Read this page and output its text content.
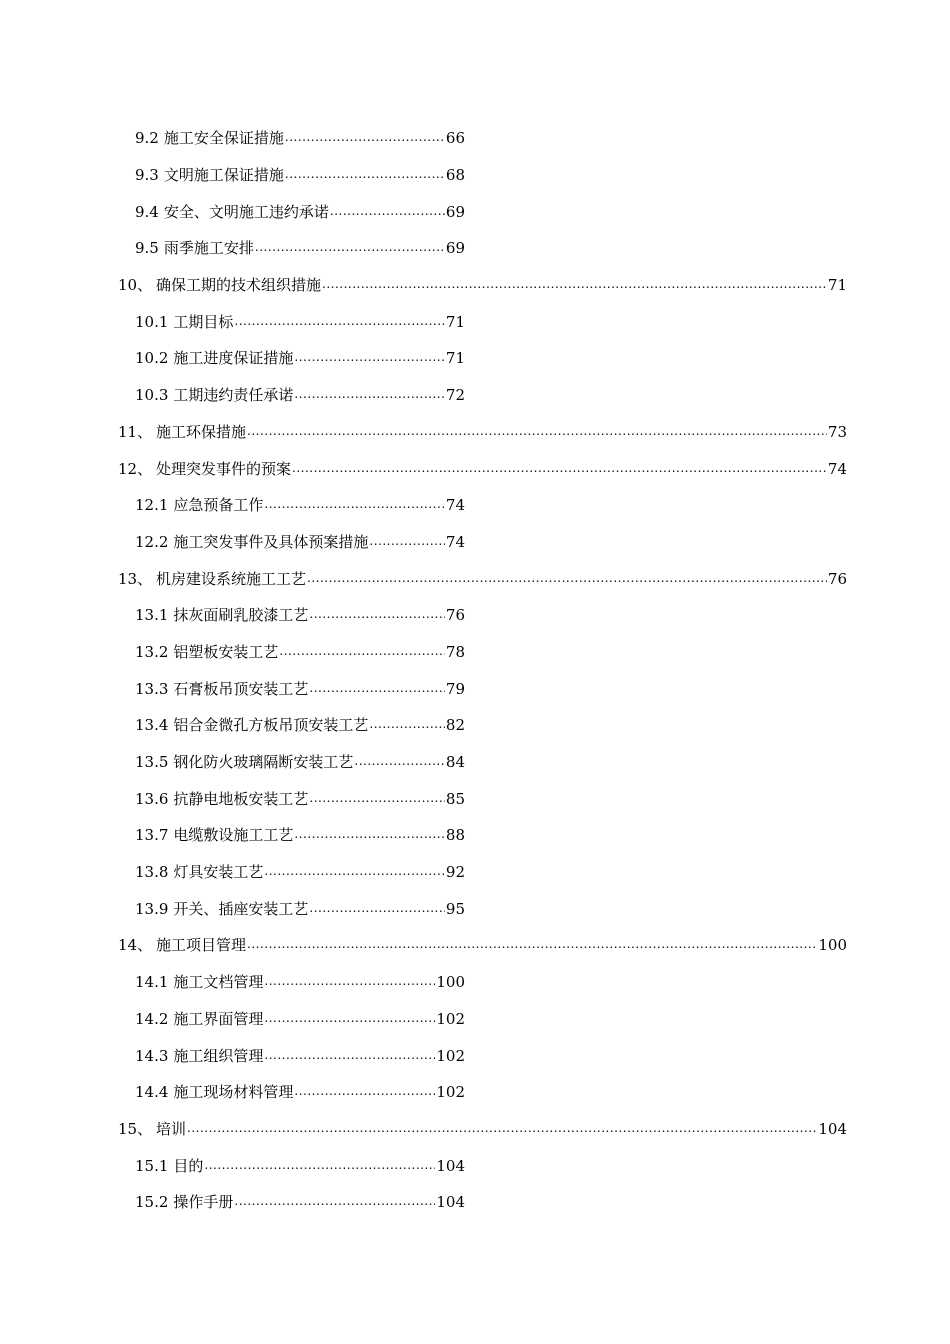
9.2 施工安全保证措施 .....	66
9.3 文明施工保证措施 .....	68
9.4 安全、文明施工违约承诺 .....	69
9.5 雨季施工安排 .....	69
10、 确保工期的技术组织措施 .....	71
10.1 工期目标 .....	71
10.2 施工进度保证措施 .....	71
10.3 工期违约责任承诺 .....	72
11、 施工环保措施 .....	73
12、 处理突发事件的预案 .....	74
12.1 应急预备工作 .....	74
12.2 施工突发事件及具体预案措施 .....	74
13、 机房建设系统施工工艺 .....	76
13.1 抹灰面刷乳胶漆工艺 .....	76
13.2 铝塑板安装工艺 .....	78
13.3 石膏板吊顶安装工艺 .....	79
13.4 铝合金微孔方板吊顶安装工艺 .....	82
13.5 钢化防火玻璃隔断安装工艺 .....	84
13.6 抗静电地板安装工艺 .....	85
13.7 电缆敷设施工工艺 .....	88
13.8 灯具安装工艺 .....	92
13.9 开关、插座安装工艺 .....	95
14、 施工项目管理 .....	100
14.1 施工文档管理 .....	100
14.2 施工界面管理 .....	102
14.3 施工组织管理 .....	102
14.4 施工现场材料管理 .....	102
15、 培训 .....	104
15.1 目的 .....	104
15.2 操作手册 .....	104
